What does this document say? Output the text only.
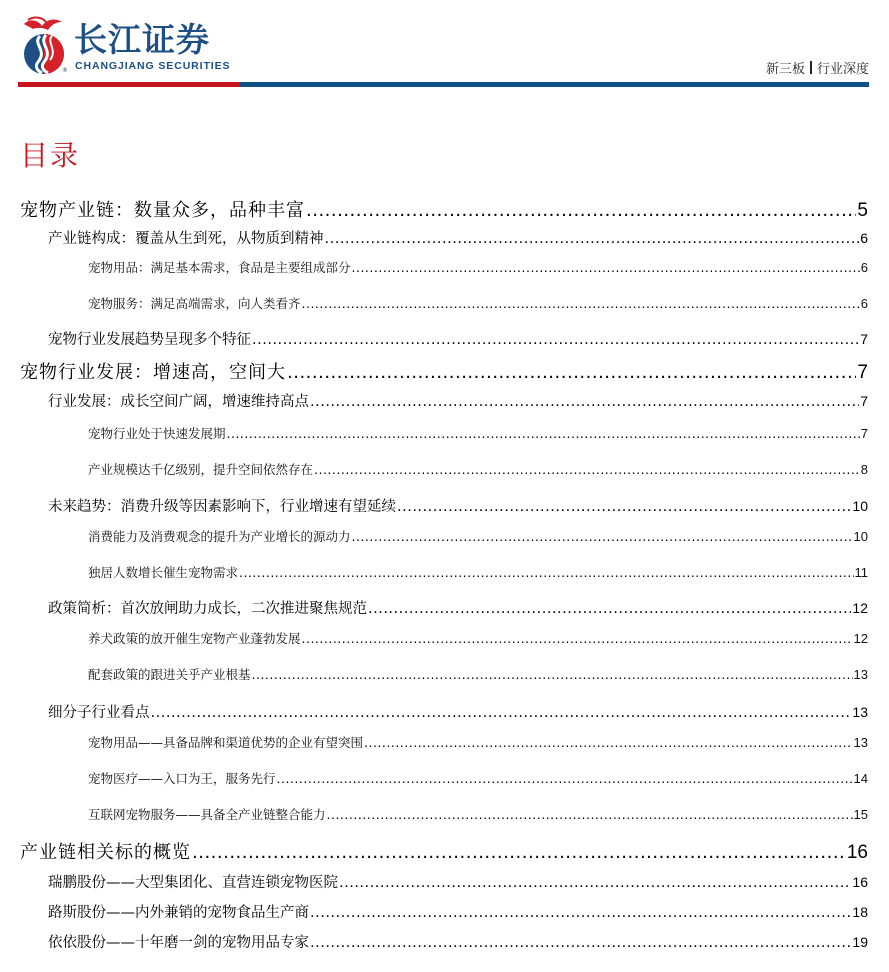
®
长江证券
CHANGJIANG SECURITIES	新三板 行业深度
目录
宠物产业链：数量众多，品种丰富 .....	5
产业链构成：覆盖从生到死，从物质到精神 .....	6
宠物用品：满足基本需求，食品是主要组成部分 .....	6
宠物服务：满足高端需求，向人类看齐 .....	6
宠物行业发展趋势呈现多个特征 .....	7
宠物行业发展：增速高，空间大 .....	7
行业发展：成长空间广阔，增速维持高点 .....	7
宠物行业处于快速发展期 .....	7
产业规模达千亿级别，提升空间依然存在 .....	8
未来趋势：消费升级等因素影响下，行业增速有望延续 .....	10
消费能力及消费观念的提升为产业增长的源动力 .....	10
独居人数增长催生宠物需求 .....	11
政策简析：首次放闸助力成长，二次推进聚焦规范 .....	12
养犬政策的放开催生宠物产业蓬勃发展 .....	12
配套政策的跟进关乎产业根基 .....	13
细分子行业看点 .....	13
宠物用品——具备品牌和渠道优势的企业有望突围 .....	13
宠物医疗——入口为王，服务先行 .....	14
互联网宠物服务——具备全产业链整合能力 .....	15
产业链相关标的概览 .....	16
瑞鹏股份——大型集团化、直营连锁宠物医院 .....	16
路斯股份——内外兼销的宠物食品生产商 .....	18
依依股份——十年磨一剑的宠物用品专家 .....	19
